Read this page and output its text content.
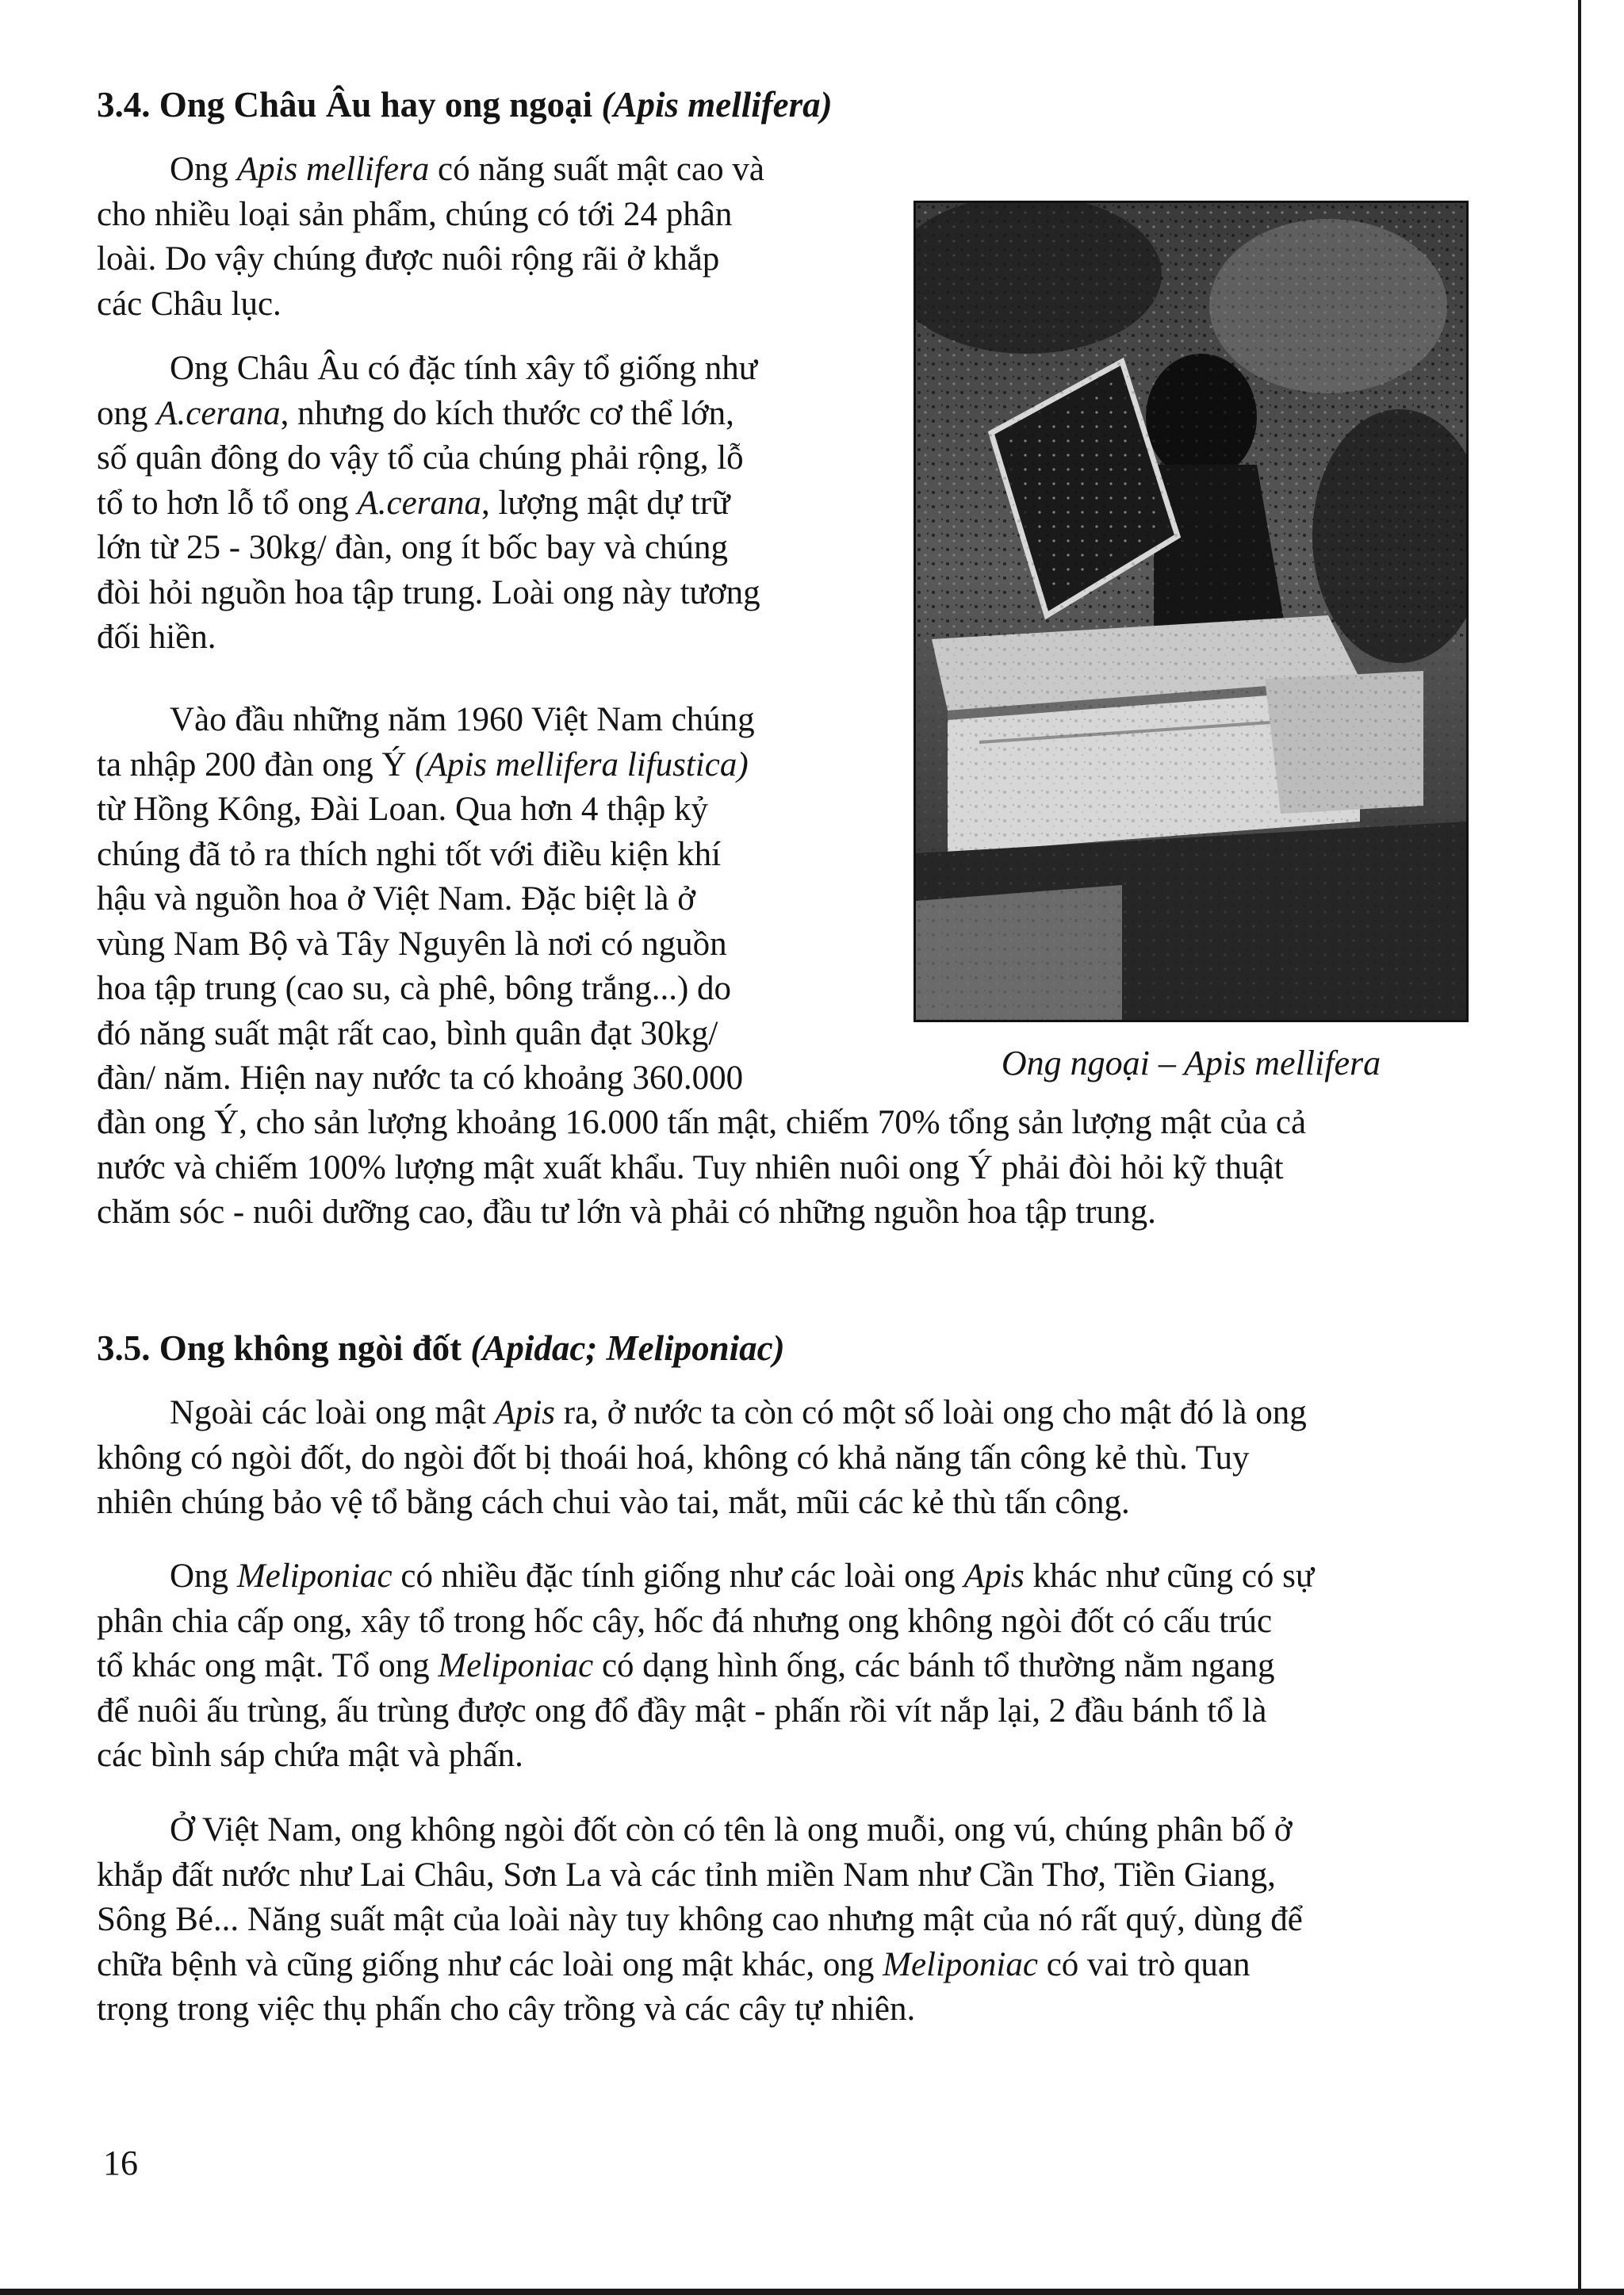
3.4. Ong Châu Âu hay ong ngoại (Apis mellifera)
Ong Apis mellifera có năng suất mật cao và
cho nhiều loại sản phẩm, chúng có tới 24 phân
loài. Do vậy chúng được nuôi rộng rãi ở khắp
các Châu lục.
Ong Châu Âu có đặc tính xây tổ giống như
ong A.cerana, nhưng do kích thước cơ thể lớn,
số quân đông do vậy tổ của chúng phải rộng, lỗ
tổ to hơn lỗ tổ ong A.cerana, lượng mật dự trữ
lớn từ 25 - 30kg/ đàn, ong ít bốc bay và chúng
đòi hỏi nguồn hoa tập trung. Loài ong này tương
đối hiền.
Vào đầu những năm 1960 Việt Nam chúng
ta nhập 200 đàn ong Ý (Apis mellifera lifustica)
từ Hồng Kông, Đài Loan. Qua hơn 4 thập kỷ
chúng đã tỏ ra thích nghi tốt với điều kiện khí
hậu và nguồn hoa ở Việt Nam. Đặc biệt là ở
vùng Nam Bộ và Tây Nguyên là nơi có nguồn
hoa tập trung (cao su, cà phê, bông trắng...) do
đó năng suất mật rất cao, bình quân đạt 30kg/
đàn/ năm. Hiện nay nước ta có khoảng 360.000
đàn ong Ý, cho sản lượng khoảng 16.000 tấn mật, chiếm 70% tổng sản lượng mật của cả
nước và chiếm 100% lượng mật xuất khẩu. Tuy nhiên nuôi ong Ý phải đòi hỏi kỹ thuật
chăm sóc - nuôi dưỡng cao, đầu tư lớn và phải có những nguồn hoa tập trung.
Ong ngoại – Apis mellifera
3.5. Ong không ngòi đốt (Apidac; Meliponiac)
Ngoài các loài ong mật Apis ra, ở nước ta còn có một số loài ong cho mật đó là ong
không có ngòi đốt, do ngòi đốt bị thoái hoá, không có khả năng tấn công kẻ thù. Tuy
nhiên chúng bảo vệ tổ bằng cách chui vào tai, mắt, mũi các kẻ thù tấn công.
Ong Meliponiac có nhiều đặc tính giống như các loài ong Apis khác như cũng có sự
phân chia cấp ong, xây tổ trong hốc cây, hốc đá nhưng ong không ngòi đốt có cấu trúc
tổ khác ong mật. Tổ ong Meliponiac có dạng hình ống, các bánh tổ thường nằm ngang
để nuôi ấu trùng, ấu trùng được ong đổ đầy mật - phấn rồi vít nắp lại, 2 đầu bánh tổ là
các bình sáp chứa mật và phấn.
Ở Việt Nam, ong không ngòi đốt còn có tên là ong muỗi, ong vú, chúng phân bố ở
khắp đất nước như Lai Châu, Sơn La và các tỉnh miền Nam như Cần Thơ, Tiền Giang,
Sông Bé... Năng suất mật của loài này tuy không cao nhưng mật của nó rất quý, dùng để
chữa bệnh và cũng giống như các loài ong mật khác, ong Meliponiac có vai trò quan
trọng trong việc thụ phấn cho cây trồng và các cây tự nhiên.
16
